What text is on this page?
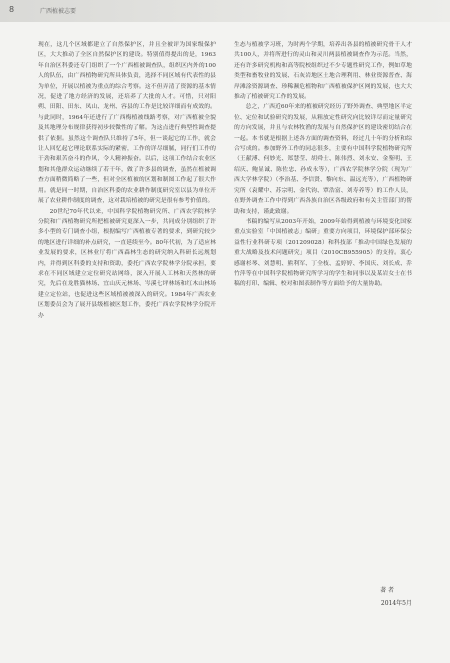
8	广西植被志要

现在，这几个区域都建立了自然保护区，并且全被评为国家级保护区，大大推动了全区自然保护区的建设。特别值得提出的是，1963年自治区科委还专门组织了一个广西植被调查队，组织区内外的100人的队伍，由广西植物研究所具体负责，选择不同区域有代表性的县为单位，开展以植被为重点的综合考察。这不但弄清了资源的基本情况，促进了地方经济的发展，还培养了大批的人才。可惜，只对阳朔、田阳、田东、凤山、龙州、容县的工作是比较详细而有成效的。与此同时，1964年还进行了广西梅植被线路考察，对广西植被全貌及其地理分布规律获得初步较微性的了解。为这点进行典型性调查提供了依据。虽然这个调查队只维持了5年，但一谈起它的工作，就会让人回忆起它理论联系实际的紧密，工作的详尽细腻，同行们工作的干劲和艰苦奋斗的作风，令人精神振奋。以后，这项工作结合农业区划和其他群众运动继续了若干年，做了许多县的调查，虽然在植被调查方面稍微简略了一些，但对全区植被的区划和制图工作起了很大作用。就是同一时期，自治区科委的农业耕作制度研究室以县为单位开展了农业耕作制度的调查，这对栽培植被的研究是很有参考价值的。

20世纪70年代以来，中国科学院植物研究所、广西农学院林学分院和广西植物研究所把植被研究更深入一步，共同成分别组织了许多小型的专门调查小组，根据编写广西植被专著的要求，到研究较少的地区进行详细的补点研究，一直延续至今。80年代初，为了适应林业发展的要求，区林业厅将广西森林生态的研究纳入科研长远规划内，并得到区科委的支持和资助，委托广西农学院林学分院承担，要求在不同区域建立定位研究站网络，深入开展人工林和天然林的研究，先后在龙胜猫林场、宜山庆元林场、岑溪七坪林场和红木山林场建立定位站，也促进这些区域植被被深入的研究。1984年广西农业区划委员会为了展开县级植被区划工作，委托广西农学院林学分院开办

生态与植被学习班，为时两个学期，培养出各县的植被研究骨干人才共100人，并将所进行的灵山和灵川两县植被调查作为示范。当然，还有许多研究机构和高等院校组织过不少专题性研究工作，例如草地类型和畜牧业的发展、石灰岩地区土地合理利用、林业资源普查、海岸滩涂资源调查、珍稀濒危植物和广西植被保护区网的发展，也大大推动了植被研究工作的发展。

总之，广西近60年来的植被研究经历了野外调查、典型地区半定位、定位和试验研究的发展，从粗放定性研究向比较详尽而定量研究的方向发展，并且与农林牧渔的发展与自然保护区的建设密切结合在一起。本书就是根据上述各方面的调查资料，经过几十年的分析和综合写成的。参加野外工作的同志很多，主要有中国科学院植物研究所（王献溥、何妙光、郑慧莹、胡舜士、陈伟烈、刘永安、金鉴明、王绍庆、鲍显诚、陈佐忠、孙成永等），广西农学院林学分院（现为广西大学林学院）（李治基、李信贤、黎向东、温远光等），广西植物研究所（袁耀中、苏宗明、金代钧、覃浩富、刘寿养等）的工作人员，在野外调查工作中得到广西各族自治区各级政府和有关主管部门的帮助和支持，谨此致谢。

书稿的编写从2003年开始，2009年始得到植被与环境变化国家重点实验室「中国植被志」编研」重要方向项目，环境保护部环保公益性行业科研专项（201209028）和科技部「推动中国绿色发展的重大战略及技术问题研究」项目（2010CB955905）的支持。衷心感谢杉琴、刘慧明、熊利军、丁全枝、孟婷婷、李国庆、刘长成、乔竹萍等在中国科学院植物研究所学习的学生和同事以及某岩女士在书稿的打印、编辑、校对和图表制作等方面给予的大量协助。

著 者
2014年5月
